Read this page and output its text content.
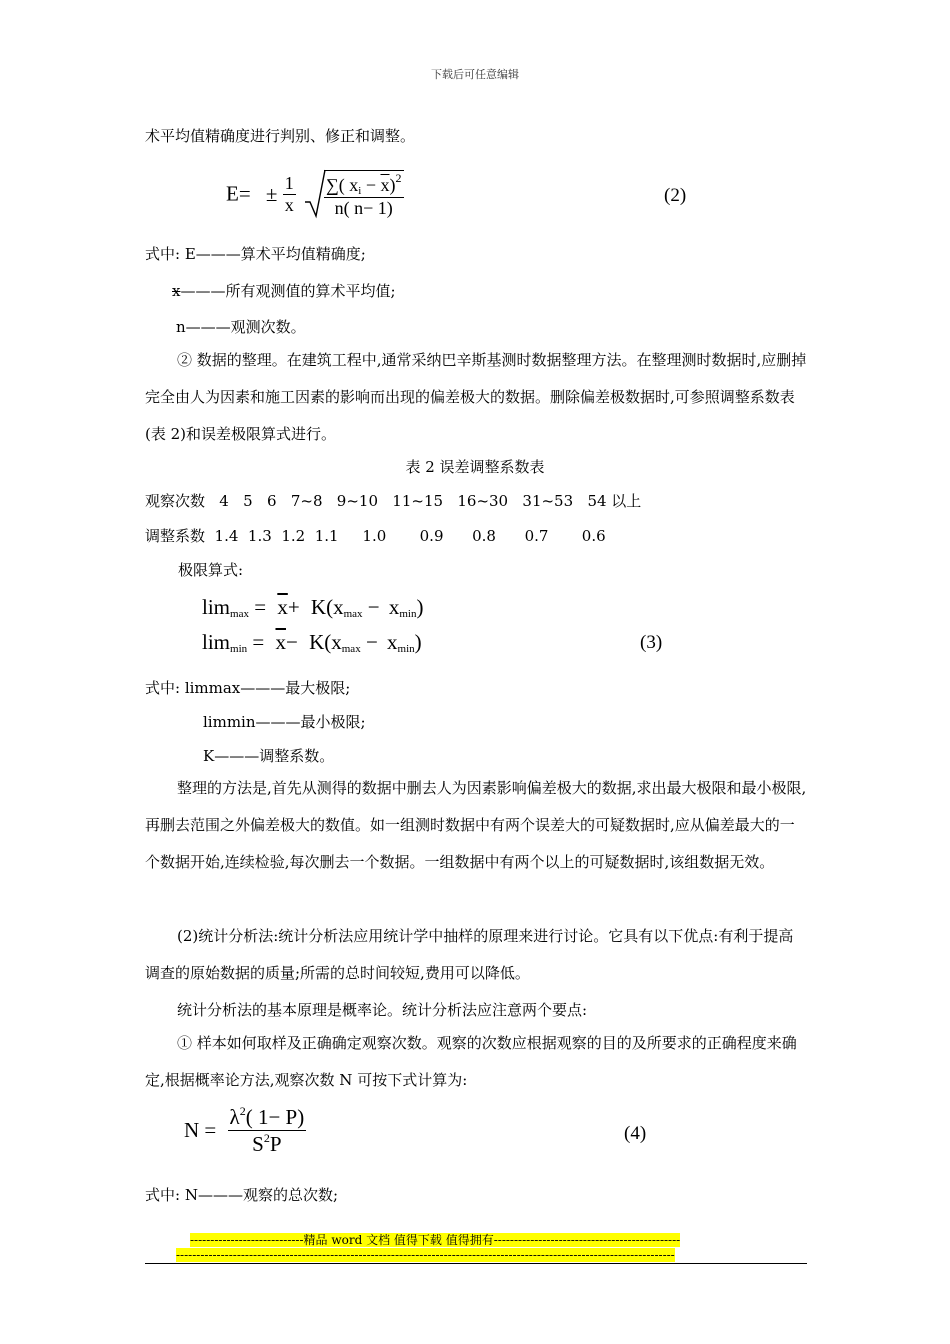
下载后可任意编辑
术平均值精确度进行判别、修正和调整。
$E= \pm \frac{1}{x}$
$\frac{\sum( x_i - \overline{x})^2}{n( n- 1)}$	(2)
式中: E———算术平均值精确度;
x———所有观测值的算术平均值;
n———观测次数。
② 数据的整理。在建筑工程中,通常采纳巴辛斯基测时数据整理方法。在整理测时数据时,应删掉完全由人为因素和施工因素的影响而出现的偏差极大的数据。删除偏差极数据时,可参照调整系数表(表 2)和误差极限算式进行。
表 2 误差调整系数表
观察次数   4   5   6   7~8   9~10   11~15   16~30   31~53   54 以上
调整系数  1.4  1.3  1.2  1.1     1.0       0.9      0.8      0.7       0.6
极限算式:
$\lim_{max} = \overline{x}+ K(x_{max} - x_{min})$
$\lim_{min} = \overline{x}- K(x_{max} - x_{min})$	(3)
式中: limmax———最大极限;
limmin———最小极限;
K———调整系数。
整理的方法是,首先从测得的数据中删去人为因素影响偏差极大的数据,求出最大极限和最小极限,再删去范围之外偏差极大的数值。如一组测时数据中有两个误差大的可疑数据时,应从偏差最大的一个数据开始,连续检验,每次删去一个数据。一组数据中有两个以上的可疑数据时,该组数据无效。
(2)统计分析法:统计分析法应用统计学中抽样的原理来进行讨论。它具有以下优点:有利于提高调查的原始数据的质量;所需的总时间较短,费用可以降低。
统计分析法的基本原理是概率论。统计分析法应注意两个要点:
① 样本如何取样及正确确定观察次数。观察的次数应根据观察的目的及所要求的正确程度来确定,根据概率论方法,观察次数 N 可按下式计算为:
$N = \frac{\lambda^2( 1- P)}{S^2P}$	(4)
式中: N———观察的总次数;
----------------------------精品 word 文档 值得下载 值得拥有----------------------------------------------
---------------------------------------------------------------------------------------------------------------------------
